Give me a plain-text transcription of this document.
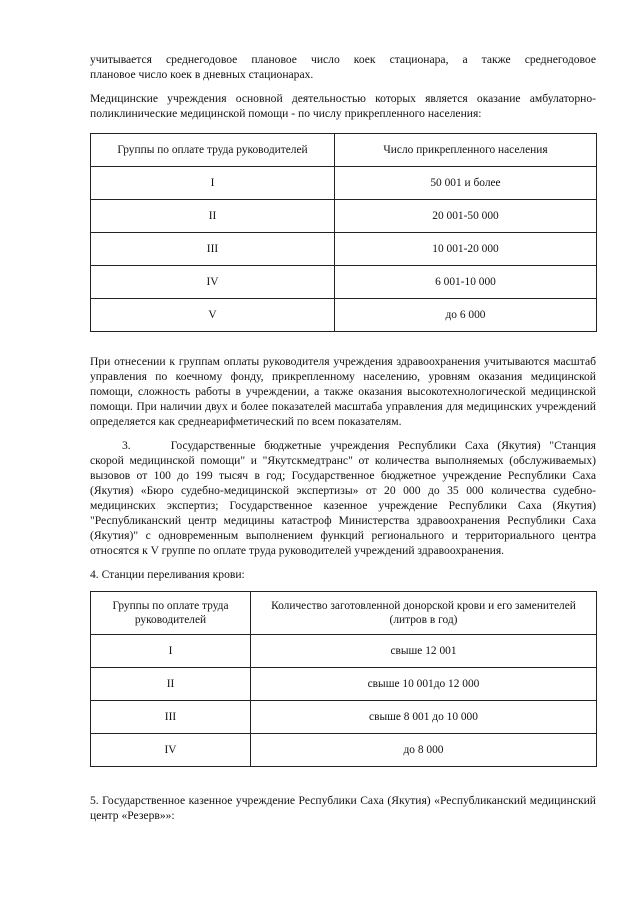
учитывается среднегодовое плановое число коек стационара, а также среднегодовое

плановое число коек в дневных стационарах.

Медицинские учреждения основной деятельностью которых является оказание амбулаторно-поликлинические медицинской помощи - по числу прикрепленного населения:

Группы по оплате труда руководителей	Число прикрепленного населения
I	50 001 и более
II	20 001-50 000
III	10 001-20 000
IV	6 001-10 000
V	до 6 000

При отнесении к группам оплаты руководителя учреждения здравоохранения учитываются масштаб управления по коечному фонду, прикрепленному населению, уровням оказания медицинской помощи, сложность работы в учреждении, а также оказания высокотехнологической медицинской помощи. При наличии двух и более показателей масштаба управления для медицинских учреждений определяется как среднеарифметический по всем показателям.

3.	Государственные бюджетные учреждения Республики Саха (Якутия) "Станция скорой медицинской помощи" и "Якутскмедтранс" от количества выполняемых (обслуживаемых) вызовов от 100 до 199 тысяч в год; Государственное бюджетное учреждение Республики Саха (Якутия) «Бюро судебно-медицинской экспертизы» от 20 000 до 35 000 количества судебно-медицинских экспертиз; Государственное казенное учреждение Республики Саха (Якутия) "Республиканский центр медицины катастроф Министерства здравоохранения Республики Саха (Якутия)" с одновременным выполнением функций регионального и территориального центра относятся к V группе по оплате труда руководителей учреждений здравоохранения.

4. Станции переливания крови:

Группы по оплате труда руководителей	Количество заготовленной донорской крови и его заменителей (литров в год)
I	свыше 12 001
II	свыше 10 001до 12 000
III	свыше 8 001 до 10 000
IV	до 8 000

5. Государственное казенное учреждение Республики Саха (Якутия) «Республиканский медицинский центр «Резерв»»:
